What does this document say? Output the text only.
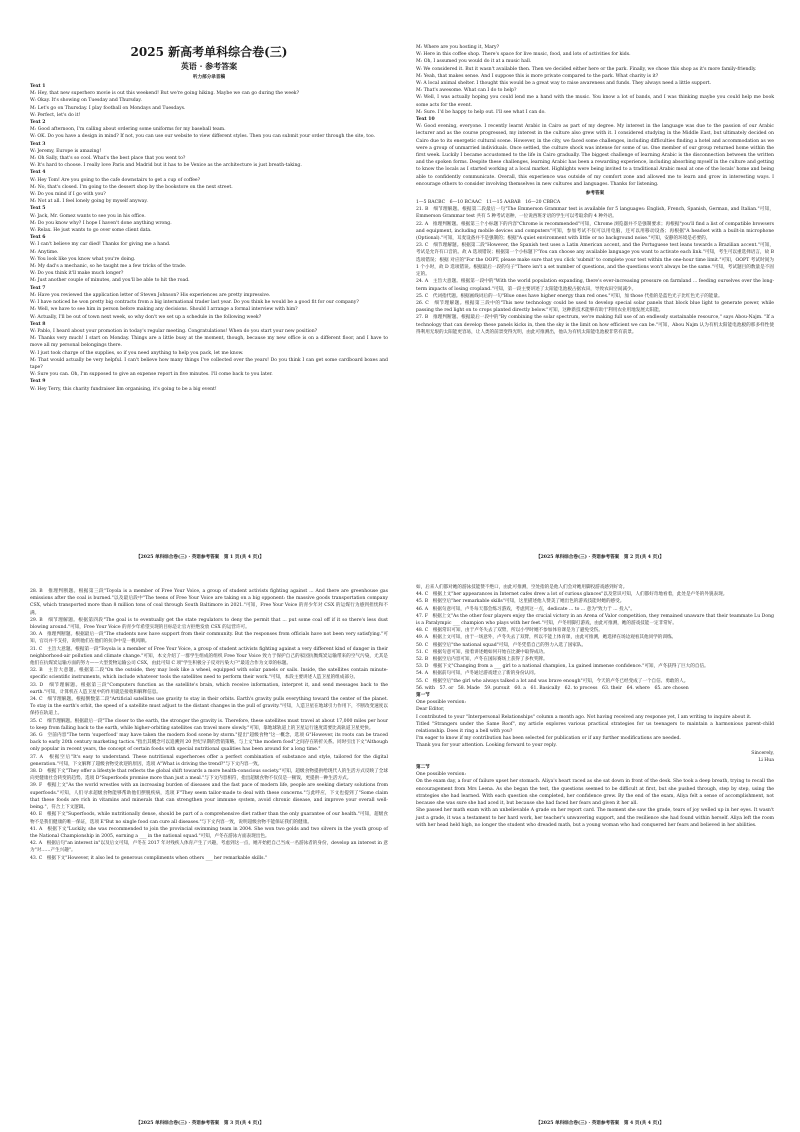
2025 新高考单科综合卷(三)

英语 · 参考答案

听力部分录音稿

Text 1

M: Hey, that new superhero movie is out this weekend! But we're going hiking. Maybe we can go during the week?

W: Okay. It's showing on Tuesday and Thursday.

M: Let's go on Thursday. I play football on Mondays and Tuesdays.

W: Perfect, let's do it!

Text 2

M: Good afternoon, I'm calling about ordering some uniforms for my baseball team.

W: OK. Do you have a design in mind? If not, you can use our website to view different styles. Then you can submit your order through the site, too.

Text 3

W: Jeremy, Europe is amazing!

M: Oh Sally, that's so cool. What's the best place that you went to?

W: It's hard to choose. I really love Paris and Madrid but it has to be Venice as the architecture is just breath-taking.

Text 4

W: Hey Tom! Are you going to the cafe downstairs to get a cup of coffee?

M: No, that's closed. I'm going to the dessert shop by the bookstore on the next street.

W: Do you mind if I go with you?

M: Not at all. I feel lonely going by myself anyway.

Text 5

W: Jack, Mr. Gomez wants to see you in his office.

M: Do you know why? I hope I haven't done anything wrong.

W: Relax. He just wants to go over some client data.

Text 6

W: I can't believe my car died! Thanks for giving me a hand.

M: Anytime.

W: You look like you know what you're doing.

M: My dad's a mechanic, so he taught me a few tricks of the trade.

W: Do you think it'll make much longer?

M: Just another couple of minutes, and you'll be able to hit the road.

Text 7

M: Have you reviewed the application letter of Steven Johnson? His experiences are pretty impressive.

W: I have noticed he won pretty big contracts from a big international trader last year. Do you think he would be a good fit for our company?

M: Well, we have to see him in person before making any decisions. Should I arrange a formal interview with him?

W: Actually, I'll be out of town next week, so why don't we set up a schedule in the following week?

Text 8

W: Pablo, I heard about your promotion in today's regular meeting. Congratulations! When do you start your new position?

M: Thanks very much! I start on Monday. Things are a little busy at the moment, though, because my new office is on a different floor, and I have to move all my personal belongings there.

W: I just took charge of the supplies, so if you need anything to help you pack, let me know.

M: That would actually be very helpful. I can't believe how many things I've collected over the years! Do you think I can get some cardboard boxes and tape?

W: Sure you can. Oh, I'm supposed to give an expense report in five minutes. I'll come back to you later.

Text 9

W: Hey Terry, this charity fundraiser lim organising, it's going to be a big event!

【2025 单科综合卷(三) · 英语参考答案　第 1 页(共 4 页)】

M: Where are you hosting it, Mary?

W: Here in this coffee shop. There's space for live music, food, and lots of activities for kids.

M: Oh, I assumed you would do it at a music hall.

W: We considered it. But it wasn't available then. Then we decided either here or the park. Finally, we chose this shop as it's more family-friendly.

M: Yeah, that makes sense. And I suppose this is more private compared to the park. What charity is it?

W: A local animal shelter. I thought this would be a great way to raise awareness and funds. They always need a little support.

M: That's awesome. What can I do to help?

W: Well, I was actually hoping you could lend me a hand with the music. You know a lot of bands, and I was thinking maybe you could help me book some acts for the event.

M: Sure. I'd be happy to help out. I'll see what I can do.

Text 10

W: Good evening, everyone. I recently learnt Arabic in Cairo as part of my degree. My interest in the language was due to the passion of our Arabic lecturer and as the course progressed, my interest in the culture also grew with it. I considered studying in the Middle East, but ultimately decided on Cairo due to its energetic cultural scene. However, in the city, we faced some challenges, including difficulties finding a hotel and accommodation as we were a group of unmarried individuals. Once settled, the culture shock was intense for some of us. One member of our group returned home within the first week. Luckily I became accustomed to the life in Cairo gradually. The biggest challenge of learning Arabic is the disconnection between the written and the spoken forms. Despite these challenges, learning Arabic has been a rewarding experience, including absorbing myself in the culture and getting to know the locals as I started working at a local market. Highlights were being invited to a traditional Arabic meal at one of the locals' home and being able to confidently communicate. Overall, this experience was outside of my comfort zone and allowed me to learn and grow in interesting ways. I encourage others to consider involving themselves in new cultures and languages. Thanks for listening.

参考答案

1—5 BACBC　6—10 BCAAC　11—15 AABAB　16—20 CBBCA

21. B　细节理解题。根据第二段最后一句"The Emmerson Grammar test is available for 5 languages: English, French, Spanish, German, and Italian."可知，Emmerson Grammar test 共有 5 种考试语种，一位说西班牙语的学生可以考取余的 4 种外语。

22. A　推理判断题。根据第三个小标题下的内容"Chrome is recommended"可知，Chrome 浏览器并不是强制要求；再根据"you'll find a list of compatible browsers and equipment, including mobile devices and computers"可知，参加考试不仅可以用电脑，还可以用移动设备；再根据"A headset with a built-in microphone (Optional)."可知，耳麦设备并不是强制的；根据"A quiet environment with little or no background noise."可知，安静的环境是必要的。

23. C　细节理解题。根据第二段"However, the Spanish test uses a Latin American accent, and the Portuguese test leans towards a Brazilian accent."可知，考试是允许有口音的。故 A 选项错误；根据第一个小标题下"You can choose any available language you want to activate each link."可知，考生可以重选择语言，故 B 选项错误；根据 对应的"For the OOPT, please make sure that you click 'submit' to complete your test within the one-hour time limit."可知，OOPT 考试时间为 1 个小时，故 D 选项错误。根据最后一段的句子"There isn't a set number of questions, and the questions won't always be the same."可知，考试题目的数量是不固定的。

24. A　主旨大意题。根据第一段中的"With the world population expanding, there's ever-increasing pressure on farmland ... feeding ourselves over the long-term impacts of losing cropland."可知，第一段主要讲述了太阳能电池板占据农田，导致农田空间减少。

25. C　代词指代题。根据画线词后的一句"Blue ones have higher energy than red ones."可知，加 those 代指的是蓝色光子比红色光子的能量。

26. C　细节理解题。根据第三段中的"This new technology could be used to develop special solar panels that block blue light to generate power, while passing the red light on to crops planted directly below."可知，这种新技术能够有助于利用农业用地发展太阳能。

27. B　推理判断题。根据最后一段中的"By combining the solar spectrum, we're making full use of an endlessly sustainable resource," says Abou-Najm. "If a technology that can develop these panels kicks in, then the sky is the limit on how efficient we can be."可知，Abou Najm 认为有机太阳能电池板的那多样性使得利用无垠的太阳能更容易，让人类的前景变得光明，由此可推测出，他认为有机太阳能电池板非常有前景。

【2025 单科综合卷(三) · 英语参考答案　第 2 页(共 4 页)】

28. B　推理判断题。根据第三段"Toyola is a member of Free Your Voice, a group of student activists fighting against ... And there are greenhouse gas emissions after the coal is burned."以及最后段中"The teens of Free Your Voice are taking on a big opponent: the massive goods transportation company CSX, which transported more than 8 million tons of coal through South Baltimore in 2021."可知，Free Your Voice 的青少年对 CSX 的运煤行为感到担忧和不满。

29. B　细节理解题。根据第四段"The goal is to eventually get the state regulators to deny the permit that ... put some coal off if it so there's less dust blowing around."可知，Free Your Voice 的青少年希望实现的目标是让官方拒绝发放 CSX 的运营许可。

30. A　推理判断题。根据最后一段"The students now have support from their community. But the responses from officials have not been very satisfying."可知，官员并不支持，说明他们在他们的抗争中是一帆风顺。

31. C　主旨大意题。根据第一段"Toyola is a member of Free Your Voice, a group of student activists fighting against a very different kind of danger in their neighborhood-air pollution and climate change."可知，本文介绍了一群学生组成的组织 Free Your Voice 致力于保护自己的家园抗衡煤炭运输带来的空气污染，尤其是他们在抗煤炭运输方面的努力——大型货物运输公司 CSX，由此可知 C 项"学生积极分子反对污染大户"最适合作为文章的标题。

32. B　主旨大意题。根据第二段"On the outside, they may look like a wheel, equipped with solar panels or sails. Inside, the satellites contain minute-specific scientific instruments, which include whatever tools the satellites need to perform their work."可知，本段主要讲述人造卫星的组成部分。

33. D　细节理解题。根据第三段"Computers function as the satellite's brain, which receive information, interpret it, and send messages back to the earth."可知，计算机在人造卫星中的作用就是接收和解释信息。

34. C　细节理解题。根据倒数第二段"Artificial satellites use gravity to stay in their orbits. Earth's gravity pulls everything toward the center of the planet. To stay in the earth's orbit, the speed of a satellite must adjust to the distant changes in the pull of gravity."可知，人造卫星在地球引力作用下，不断改变速度以保持在轨道上。

35. C　细节理解题。根据最后一段"The closer to the earth, the stronger the gravity is. Therefore, these satellites must travel at about 17,000 miles per hour to keep from falling back to the earth, while higher-orbiting satellites can travel more slowly."可知，靠地球轨道上的卫星运行速度需要比高轨道卫星更快。

36. G　空前内容"The term 'superfood' may have taken the modern food scene by storm."提出"超级食物"这一概念，选项 G"However, its roots can be traced back to early 20th century marketing tactics."指出其概念可以追溯到 20 世纪早期的营销策略，与上文"the modern food"之间存在转折关系。同时引出下文"Although only popular in recent years, the concept of certain foods with special nutritional qualities has been around for a long time."

37. A　根据空后"It's easy to understand. These nutritional superheroes offer a perfect combination of substance and style, tailored for the digital generation."可知，下文解释了超级食物受欢迎的原因，选项 A"What is driving the trend?"与下文内容一致。

38. D　根据下文"They offer a lifestyle that reflects the global shift towards a more health-conscious society."可知，超级食物提供给现代人的生活方式反映了全球向更健康社会转变的趋势。选项 D"Superfoods promise more than just a meal."与下文内容相符，指出超级食物不仅仅是一顿饭，更提供一种生活方式。

39. F　根据上文"As the world wrestles with an increasing burden of diseases and the fast pace of modern life, people are seeking dietary solutions from superfoods."可知，人们寻求超级食物能够帮助他们摆脱疾病，选项 F"They seem tailor-made to deal with these concerns."与此呼应，下文也提到了"Some claim that these foods are rich in vitamins and minerals that can strengthen your immune system, avoid chronic disease, and improve your overall well-being."，符合上下文逻辑。

40. E　根据下文"Superfoods, while nutritionally dense, should be part of a comprehensive diet rather than the only guarantee of our health."可知，超级食物不是我们健康的唯一保证，选项 E"But no single food can cure all diseases."与下文内容一致，说明超级食物不能保证我们的健康。

41. A　根据下文"Luckily, she was recommended to join the provincial swimming team in 2004. She won two golds and two silvers in the youth group of the National Championship in 2005, earning a ___ in the national squad."可知，卢冬在游泳方面表现出色。

42. A　根据后句"an interest in"以及后文可知，卢冬在 2017 年对残疾人体育产生了兴趣，考虑到这一点，她开始把自己当成一名游泳者的身份，develop an interest in 意为"对……产生兴趣"。

43. C　根据下文"However, it also led to generous compliments when others ___ her remarkable skills."

【2025 单科综合卷(三) · 英语参考答案　第 3 页(共 4 页)】

如，后来人们都对她的游泳技能赞不绝口，由此可推测，空处指的是他人们会对她用脚投游戏感到好奇。

44. C　根据上文"her appearances in Internet cafes drew a lot of curious glances"以及常识可知，人们都好奇地看着，此处是卢冬的外貌表现。

45. B　根据空后"her remarkable skills"可知，这里描述他人赞美了她出色的游戏技能时她的感受。

46. A　根据句意可知，卢冬每天都会练习游戏，考虑到这一点，dedicate ... to ... 意为"致力于 ... 投入"。

47. F　根据上文"As the other four players enjoy the crucial victory in an Arena of Valor competition, they remained unaware that their teammate Lu Dong is a Paralympic ___ champion who plays with her feet."可知，卢冬用脚打游戏，由此可推测，她的游戏技能一定非常好。

48. C　根据常识可知，由于卢冬失去了双臂，所以小学时她不参加体育课是为了避免受伤。

49. A　根据上文可知，由于一场意外，卢冬失去了双臂，所以不能上体育课，由此可推测，她选择在场边观看其他同学的训练。

50. C　根据空后"the national squad"可知，卢冬凭借自己的努力入选了国家队。

51. C　根据句意可知，接着讲述她如何开始在比赛中取得成功。

52. B　根据空后内容可知，卢冬在国际赛场上获得了多枚奖牌。

53. D　根据下文"Changing from a ___ girl to a national champion, Lu gained immense confidence."可知，卢冬获得了巨大的自信。

54. A　根据前句可知，卢冬通过游戏建立了新的身份认同。

55. C　根据空后"the girl who always talked a lot and was brave enough"可知，今天的卢冬已经变成了一个自信、勇敢的人。

56. with　57. or　58. Made　59. pursuit　60. a　61. Basically　62. to process　63. their　64. where　65. are chosen

第一节

One possible version:

Dear Editor,

I contributed to your "Interpersonal Relationships" column a month ago. Not having received any response yet, I am writing to inquire about it.

Titled "Strangers under the Same Roof", my article explores various practical strategies for us teenagers to maintain a harmonious parent-child relationship. Does it ring a bell with you?

I'm eager to know if my contribution has been selected for publication or if any further modifications are needed.

Thank you for your attention. Looking forward to your reply.

Sincerely,

Li Hua

第二节

One possible version:

On the exam day, a four of failure upset her stomach. Aliya's heart raced as she sat down in front of the desk. She took a deep breath, trying to recall the encouragement from Mrs Leena. As she began the test, the questions seemed to be difficult at first, but she pushed through, step by step, using the strategies she had learned. With each question she completed, her confidence grew. By the end of the exam, Aliya felt a sense of accomplishment, not because she was sure she had aced it, but because she had faced her fears and given it her all.

She passed her math exam with an unbelievable A grade on her report card. The moment she saw the grade, tears of joy welled up in her eyes. It wasn't just a grade, it was a testament to her hard work, her teacher's unwavering support, and the resilience she had found within herself. Aliya left the room with her head held high, no longer the student who dreaded math, but a young woman who had conquered her fears and believed in her abilities.

【2025 单科综合卷(三) · 英语参考答案　第 4 页(共 4 页)】
